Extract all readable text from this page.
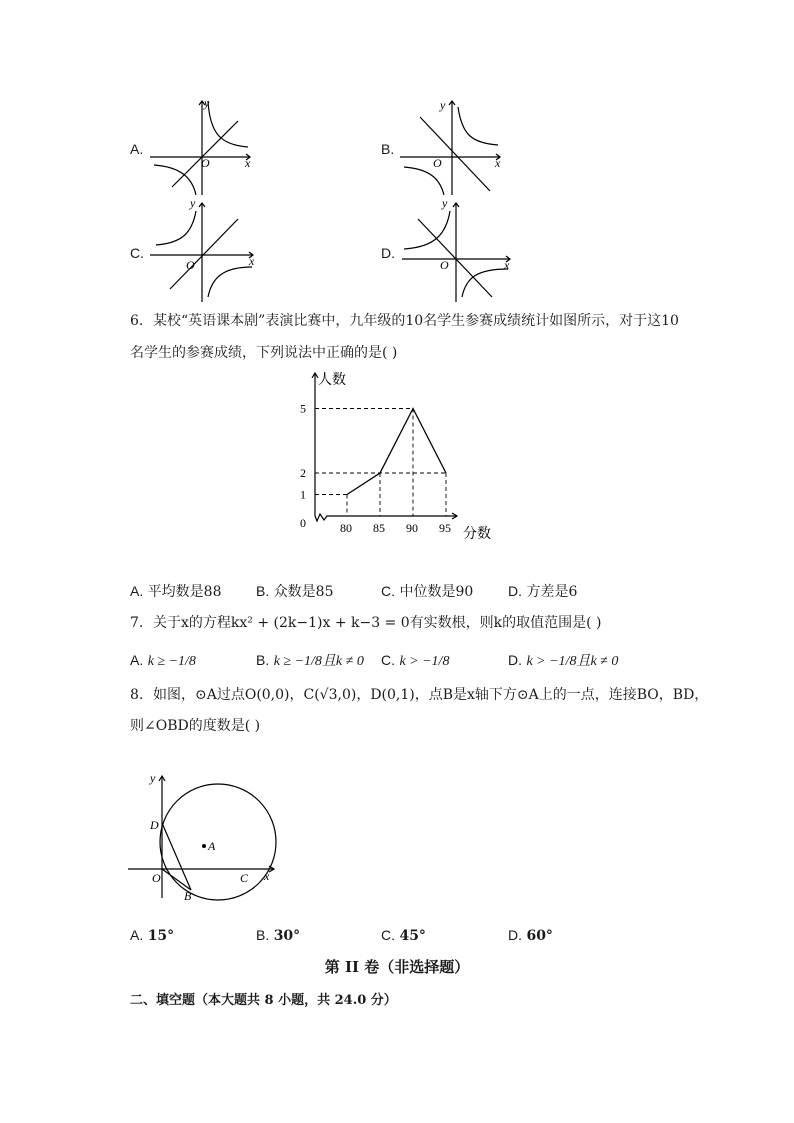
A.
y
x
O
B.
y
x
O
C.
y
x
O
D.
y
x
O
6. 某校“英语课本剧”表演比赛中，九年级的10名学生参赛成绩统计如图所示，对于这10
名学生的参赛成绩，下列说法中正确的是( )
80 85 90 95
1
2
5
人数
分数
0
A. 平均数是88 B. 众数是85	C. 中位数是90 D. 方差是6
7. 关于x的方程kx² + (2k−1)x + k−3 = 0有实数根，则k的取值范围是( )
A. k ≥ −1/8	B. k ≥ −1/8且k ≠ 0 C. k > −1/8	D. k > −1/8且k ≠ 0
8. 如图，⊙A过点O(0,0)，C(√3,0)，D(0,1)，点B是x轴下方⊙A上的一点，连接BO，BD，
则∠OBD的度数是( )
y
x
D
A
O	C
B
A. 15°	B. 30°	C. 45°	D. 60°
第 II 卷（非选择题）
二、填空题（本大题共 8 小题，共 24.0 分）
